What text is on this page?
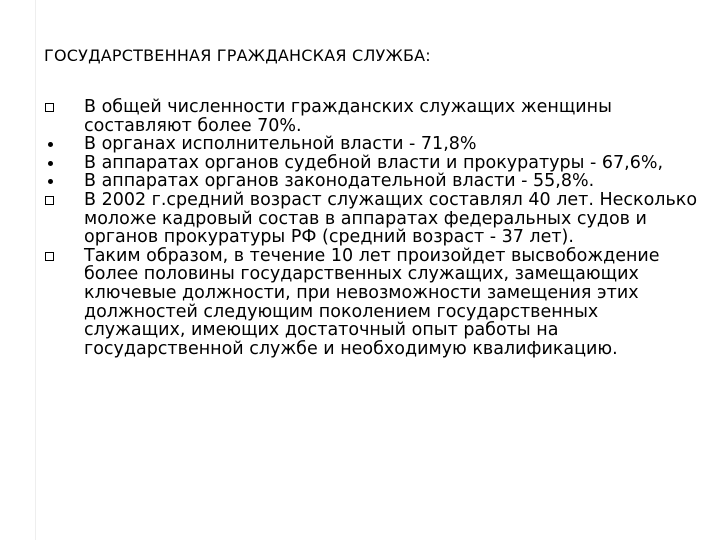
ГОСУДАРСТВЕННАЯ ГРАЖДАНСКАЯ СЛУЖБА:
В общей численности гражданских служащих женщины составляют более 70%.
В органах исполнительной власти - 71,8%
В аппаратах органов судебной власти и прокуратуры - 67,6%,
В аппаратах органов законодательной власти - 55,8%.
В 2002 г.средний возраст служащих составлял 40 лет. Несколько моложе кадровый состав в аппаратах федеральных судов и органов прокуратуры РФ (средний возраст - 37 лет).
Таким образом, в течение 10 лет произойдет высвобождение более половины государственных служащих, замещающих ключевые должности, при невозможности замещения этих должностей следующим поколением государственных служащих, имеющих достаточный опыт работы на государственной службе и необходимую квалификацию.
